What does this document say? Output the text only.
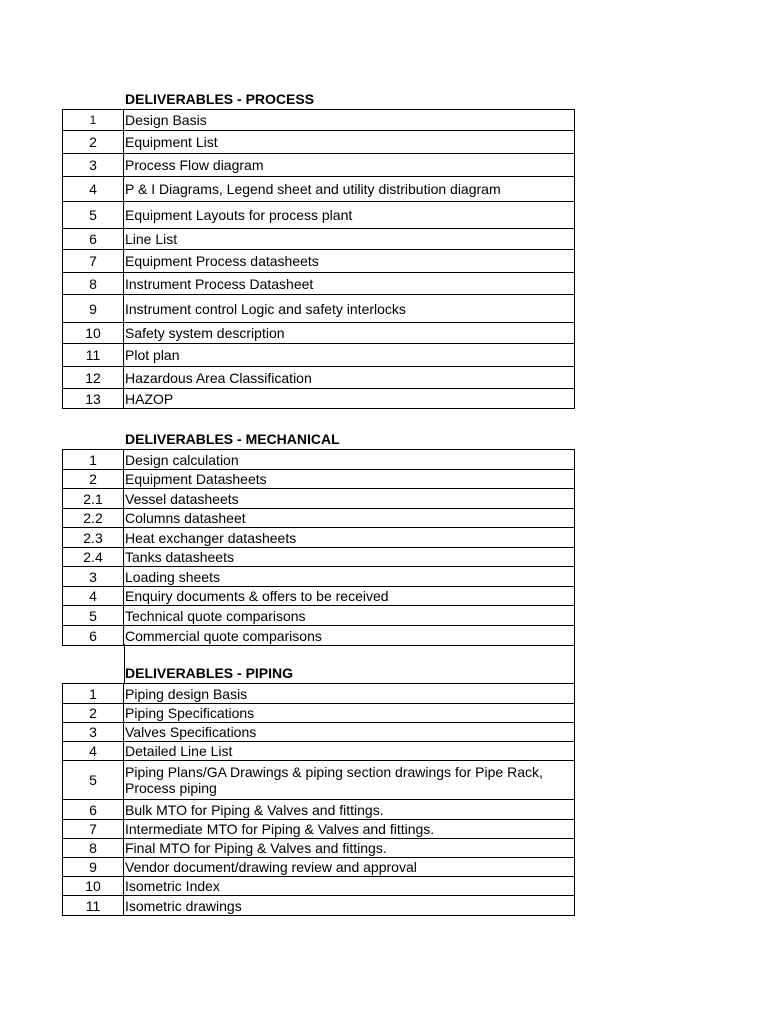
DELIVERABLES - PROCESS
1	Design Basis
2	Equipment List
3	Process Flow diagram
4	P & I Diagrams, Legend sheet and utility distribution diagram
5	Equipment Layouts for process plant
6	Line List
7	Equipment Process datasheets
8	Instrument Process Datasheet
9	Instrument control Logic and safety interlocks
10	Safety system description
11	Plot plan
12	Hazardous Area Classification
13	HAZOP
DELIVERABLES - MECHANICAL
1	Design calculation
2	Equipment Datasheets
2.1	Vessel datasheets
2.2	Columns datasheet
2.3	Heat exchanger datasheets
2.4	Tanks datasheets
3	Loading sheets
4	Enquiry documents & offers to be received
5	Technical quote comparisons
6	Commercial quote comparisons
DELIVERABLES - PIPING
1	Piping design Basis
2	Piping Specifications
3	Valves Specifications
4	Detailed Line List
5	Piping Plans/GA Drawings & piping section drawings for Pipe Rack, Process piping
6	Bulk MTO for Piping & Valves and fittings.
7	Intermediate MTO for Piping & Valves and fittings.
8	Final MTO for Piping & Valves and fittings.
9	Vendor document/drawing review and approval
10	Isometric Index
11	Isometric drawings
